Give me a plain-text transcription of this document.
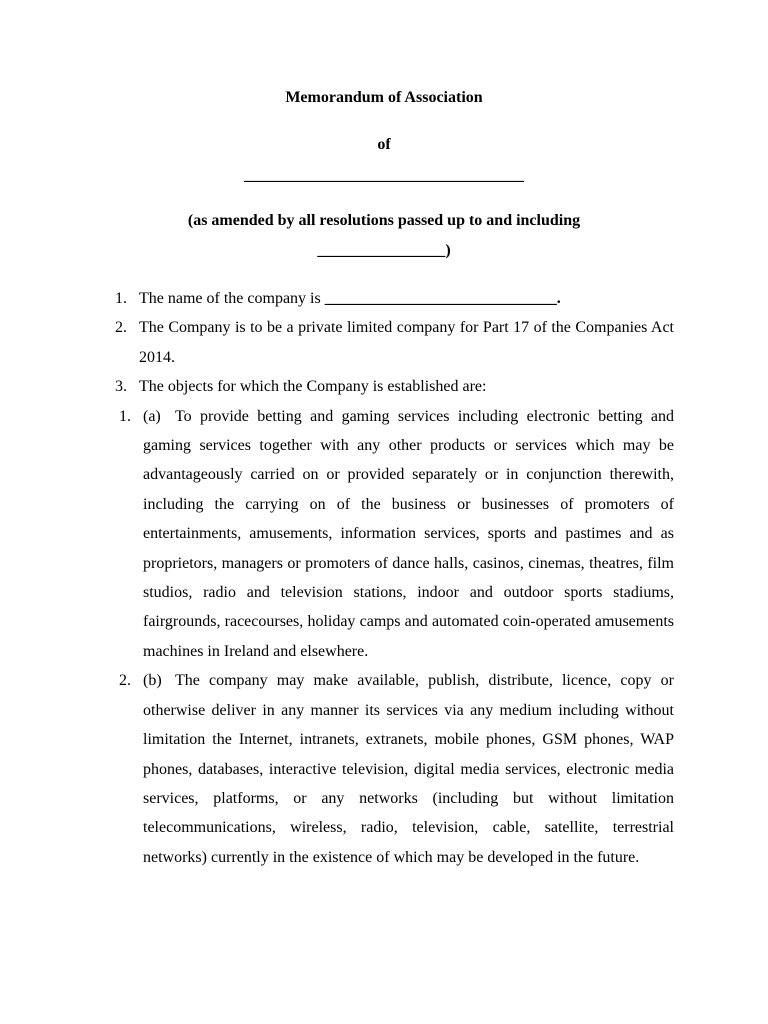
Memorandum of Association
of
___________________________________
(as amended by all resolutions passed up to and including
________________)
1. The name of the company is _____________________________.
2. The Company is to be a private limited company for Part 17 of the Companies Act 2014.
3. The objects for which the Company is established are:
1. (a) To provide betting and gaming services including electronic betting and gaming services together with any other products or services which may be advantageously carried on or provided separately or in conjunction therewith, including the carrying on of the business or businesses of promoters of entertainments, amusements, information services, sports and pastimes and as proprietors, managers or promoters of dance halls, casinos, cinemas, theatres, film studios, radio and television stations, indoor and outdoor sports stadiums, fairgrounds, racecourses, holiday camps and automated coin-operated amusements machines in Ireland and elsewhere.
2. (b) The company may make available, publish, distribute, licence, copy or otherwise deliver in any manner its services via any medium including without limitation the Internet, intranets, extranets, mobile phones, GSM phones, WAP phones, databases, interactive television, digital media services, electronic media services, platforms, or any networks (including but without limitation telecommunications, wireless, radio, television, cable, satellite, terrestrial networks) currently in the existence of which may be developed in the future.
